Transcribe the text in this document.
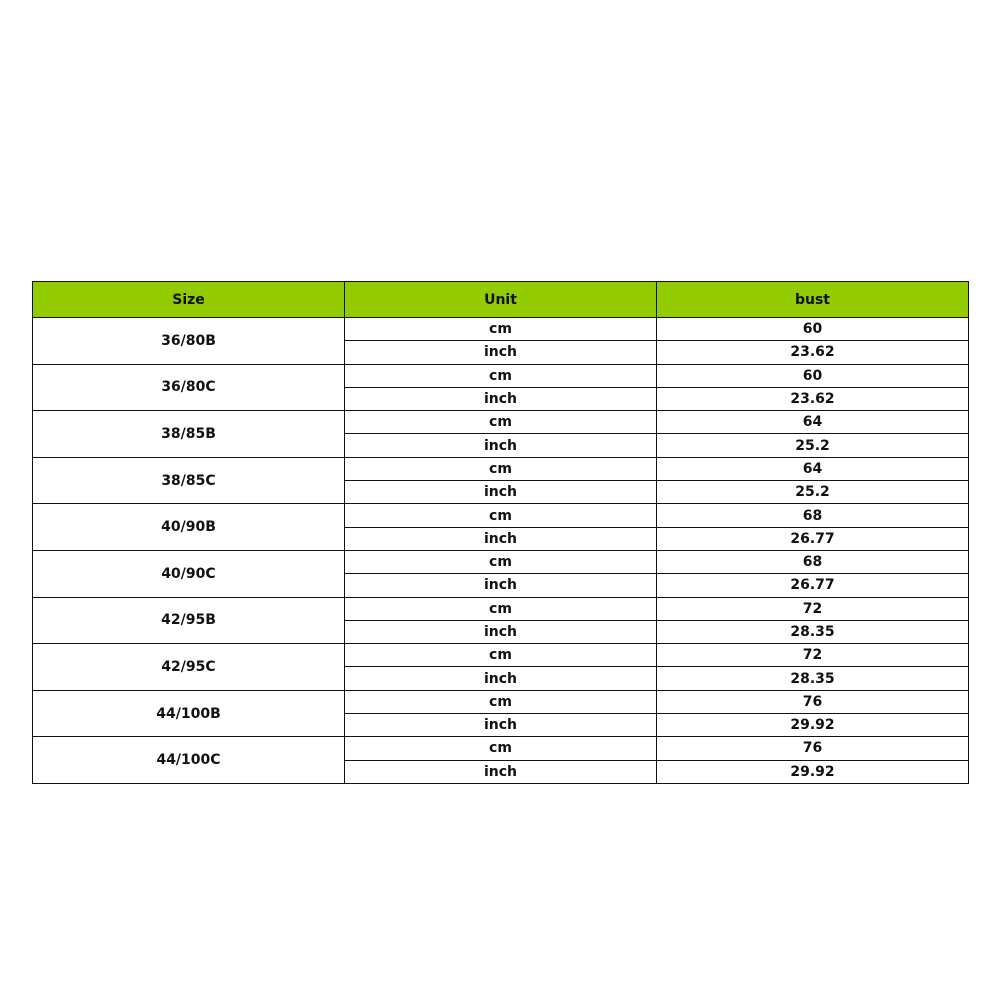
Size	Unit	bust
36/80B	cm	60
	inch	23.62
36/80C	cm	60
	inch	23.62
38/85B	cm	64
	inch	25.2
38/85C	cm	64
	inch	25.2
40/90B	cm	68
	inch	26.77
40/90C	cm	68
	inch	26.77
42/95B	cm	72
	inch	28.35
42/95C	cm	72
	inch	28.35
44/100B	cm	76
	inch	29.92
44/100C	cm	76
	inch	29.92
